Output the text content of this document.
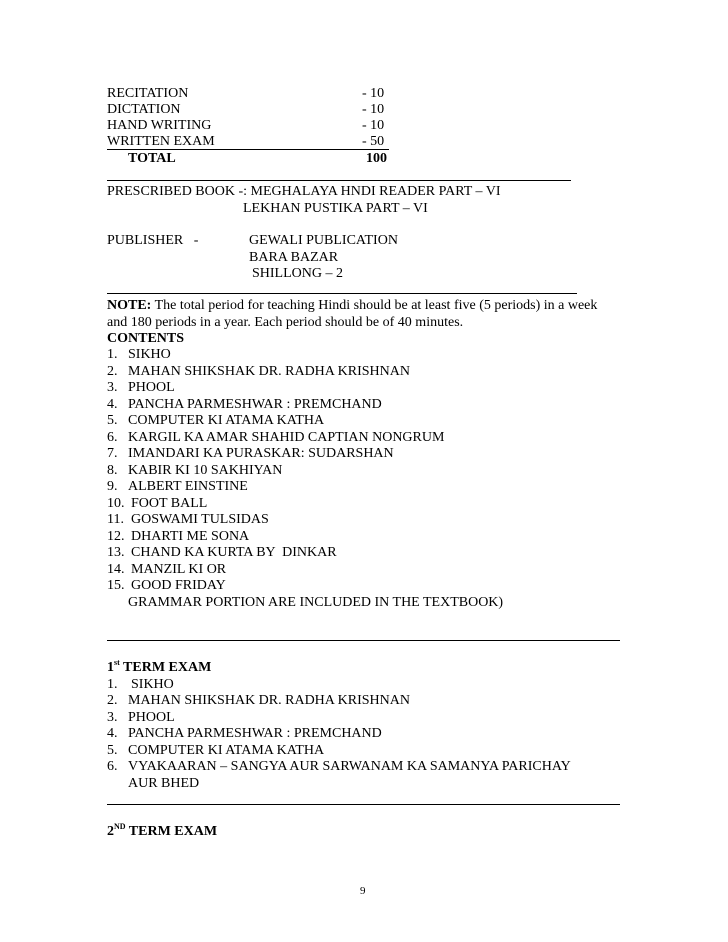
RECITATION	- 10
DICTATION	- 10
HAND WRITING	- 10
WRITTEN EXAM	- 50
TOTAL	100
PRESCRIBED BOOK -: MEGHALAYA HNDI READER PART – VI
LEKHAN PUSTIKA PART – VI
PUBLISHER   -	GEWALI PUBLICATION
BARA BAZAR
SHILLONG – 2
NOTE: The total period for teaching Hindi should be at least five (5 periods) in a week
and 180 periods in a year. Each period should be of 40 minutes.
CONTENTS
1. SIKHO
2. MAHAN SHIKSHAK DR. RADHA KRISHNAN
3. PHOOL
4. PANCHA PARMESHWAR : PREMCHAND
5. COMPUTER KI ATAMA KATHA
6. KARGIL KA AMAR SHAHID CAPTIAN NONGRUM
7. IMANDARI KA PURASKAR: SUDARSHAN
8. KABIR KI 10 SAKHIYAN
9. ALBERT EINSTINE
10. FOOT BALL
11. GOSWAMI TULSIDAS
12. DHARTI ME SONA
13. CHAND KA KURTA BY  DINKAR
14. MANZIL KI OR
15. GOOD FRIDAY
GRAMMAR PORTION ARE INCLUDED IN THE TEXTBOOK)
1st TERM EXAM
1. SIKHO
2. MAHAN SHIKSHAK DR. RADHA KRISHNAN
3. PHOOL
4. PANCHA PARMESHWAR : PREMCHAND
5. COMPUTER KI ATAMA KATHA
6. VYAKAARAN – SANGYA AUR SARWANAM KA SAMANYA PARICHAY
AUR BHED
2ND TERM EXAM
9
